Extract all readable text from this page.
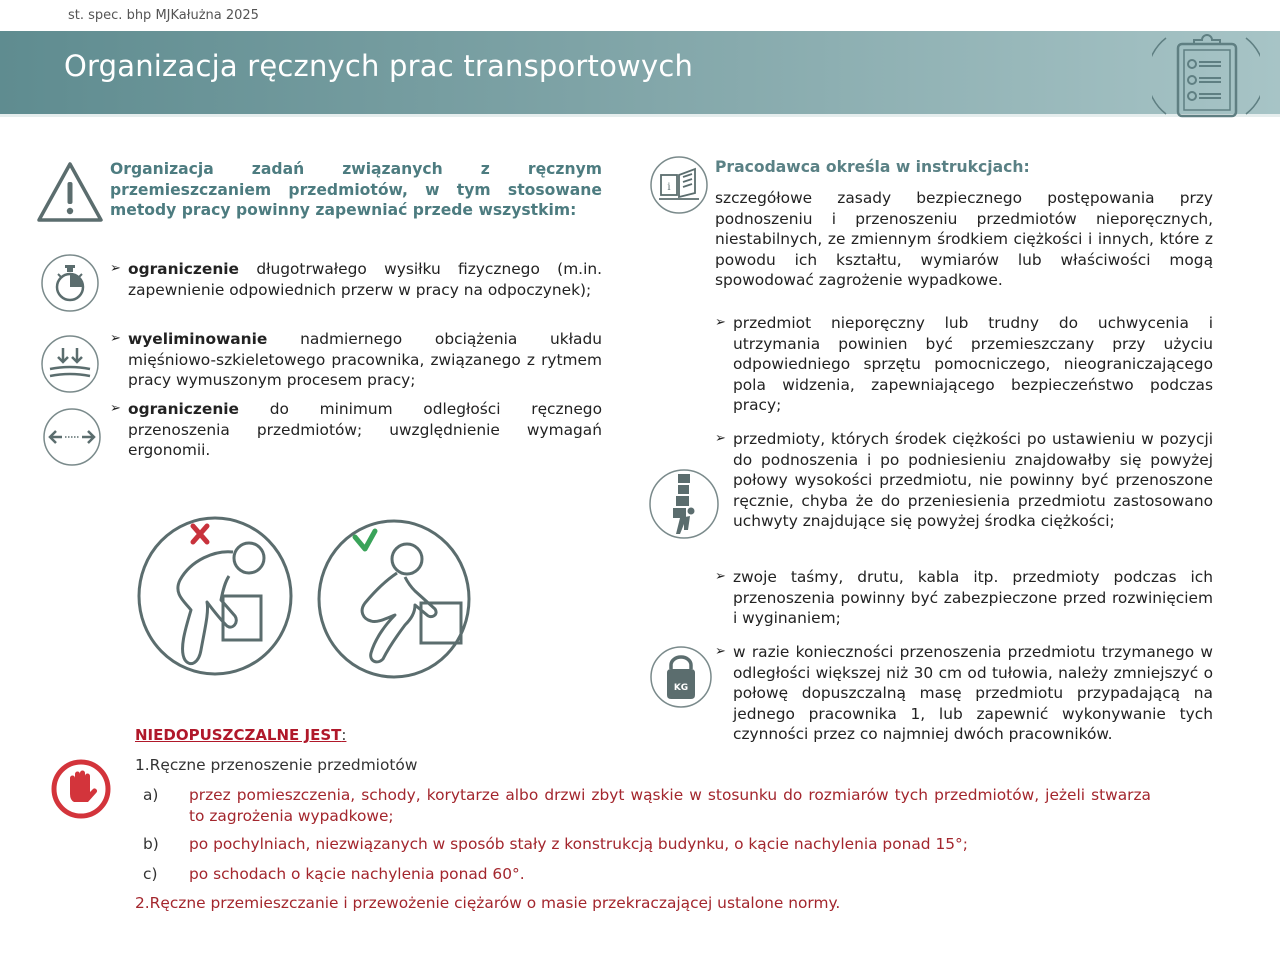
st. spec. bhp MJKałużna 2025
Organizacja ręcznych prac transportowych
Organizacja zadań związanych z ręcznym przemieszczaniem przedmiotów, w tym stosowane metody pracy powinny zapewniać przede wszystkim:
➢ ograniczenie długotrwałego wysiłku fizycznego (m.in. zapewnienie odpowiednich przerw w pracy na odpoczynek);
➢ wyeliminowanie nadmiernego obciążenia układu mięśniowo-szkieletowego pracownika, związanego z rytmem pracy wymuszonym procesem pracy;
➢ ograniczenie do minimum odległości ręcznego przenoszenia przedmiotów; uwzględnienie wymagań ergonomii.
i
Pracodawca określa w instrukcjach:
szczegółowe zasady bezpiecznego postępowania przy podnoszeniu i przenoszeniu przedmiotów nieporęcznych, niestabilnych, ze zmiennym środkiem ciężkości i innych, które z powodu ich kształtu, wymiarów lub właściwości mogą spowodować zagrożenie wypadkowe.
➢ przedmiot nieporęczny lub trudny do uchwycenia i utrzymania powinien być przemieszczany przy użyciu odpowiedniego sprzętu pomocniczego, nieograniczającego pola widzenia, zapewniającego bezpieczeństwo podczas pracy;
➢ przedmioty, których środek ciężkości po ustawieniu w pozycji do podnoszenia i po podniesieniu znajdowałby się powyżej połowy wysokości przedmiotu, nie powinny być przenoszone ręcznie, chyba że do przeniesienia przedmiotu zastosowano uchwyty znajdujące się powyżej środka ciężkości;
➢ zwoje taśmy, drutu, kabla itp. przedmioty podczas ich przenoszenia powinny być zabezpieczone przed rozwinięciem i wyginaniem;
➢ w razie konieczności przenoszenia przedmiotu trzymanego w odległości większej niż 30 cm od tułowia, należy zmniejszyć o połowę dopuszczalną masę przedmiotu przypadającą na jednego pracownika 1, lub zapewnić wykonywanie tych czynności przez co najmniej dwóch pracowników.
KG
NIEDOPUSZCZALNE JEST:
1.Ręczne przenoszenie przedmiotów
a)	przez pomieszczenia, schody, korytarze albo drzwi zbyt wąskie w stosunku do rozmiarów tych przedmiotów, jeżeli stwarza to zagrożenia wypadkowe;
b)	po pochylniach, niezwiązanych w sposób stały z konstrukcją budynku, o kącie nachylenia ponad 15°;
c)	po schodach o kącie nachylenia ponad 60°.
2.Ręczne przemieszczanie i przewożenie ciężarów o masie przekraczającej ustalone normy.
